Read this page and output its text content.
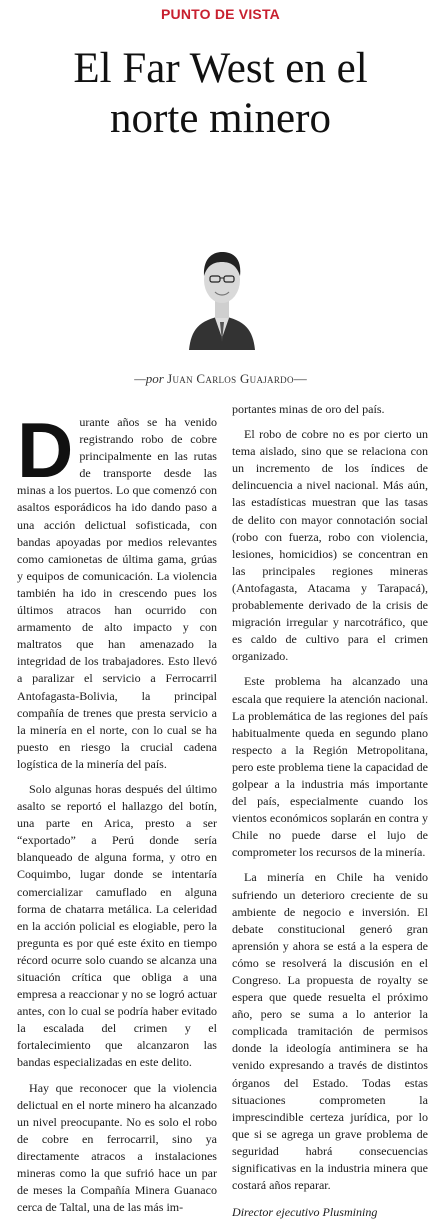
PUNTO DE VISTA
El Far West en el
norte minero
—por Juan Carlos Guajardo—

Durante años se ha venido registrando robo de cobre principalmente en las rutas de transporte desde las minas a los puertos. Lo que comenzó con asaltos esporádicos ha ido dando paso a una acción delictual sofisticada, con bandas apoyadas por medios relevantes como camionetas de última gama, grúas y equipos de comunicación. La violencia también ha ido in crescendo pues los últimos atracos han ocurrido con armamento de alto impacto y con maltratos que han amenazado la integridad de los trabajadores. Esto llevó a paralizar el servicio a Ferrocarril Antofagasta-Bolivia, la principal compañía de trenes que presta servicio a la minería en el norte, con lo cual se ha puesto en riesgo la crucial cadena logística de la minería del país.

Solo algunas horas después del último asalto se reportó el hallazgo del botín, una parte en Arica, presto a ser “exportado” a Perú donde sería blanqueado de alguna forma, y otro en Coquimbo, lugar donde se intentaría comercializar camuflado en alguna forma de chatarra metálica. La celeridad en la acción policial es elogiable, pero la pregunta es por qué este éxito en tiempo récord ocurre solo cuando se alcanza una situación crítica que obliga a una empresa a reaccionar y no se logró actuar antes, con lo cual se podría haber evitado la escalada del crimen y el fortalecimiento que alcanzaron las bandas especializadas en este delito.

Hay que reconocer que la violencia delictual en el norte minero ha alcanzado un nivel preocupante. No es solo el robo de cobre en ferrocarril, sino ya directamente atracos a instalaciones mineras como la que sufrió hace un par de meses la Compañía Minera Guanaco cerca de Taltal, una de las más im-

portantes minas de oro del país.

El robo de cobre no es por cierto un tema aislado, sino que se relaciona con un incremento de los índices de delincuencia a nivel nacional. Más aún, las estadísticas muestran que las tasas de delito con mayor connotación social (robo con fuerza, robo con violencia, lesiones, homicidios) se concentran en las principales regiones mineras (Antofagasta, Atacama y Tarapacá), probablemente derivado de la crisis de migración irregular y narcotráfico, que es caldo de cultivo para el crimen organizado.

Este problema ha alcanzado una escala que requiere la atención nacional. La problemática de las regiones del país habitualmente queda en segundo plano respecto a la Región Metropolitana, pero este problema tiene la capacidad de golpear a la industria más importante del país, especialmente cuando los vientos económicos soplarán en contra y Chile no puede darse el lujo de comprometer los recursos de la minería.

La minería en Chile ha venido sufriendo un deterioro creciente de su ambiente de negocio e inversión. El debate constitucional generó gran aprensión y ahora se está a la espera de cómo se resolverá la discusión en el Congreso. La propuesta de royalty se espera que quede resuelta el próximo año, pero se suma a lo anterior la complicada tramitación de permisos donde la ideología antiminera se ha venido expresando a través de distintos órganos del Estado. Todas estas situaciones comprometen la imprescindible certeza jurídica, por lo que si se agrega un grave problema de seguridad habrá consecuencias significativas en la industria minera que costará años reparar.

Director ejecutivo Plusmining
